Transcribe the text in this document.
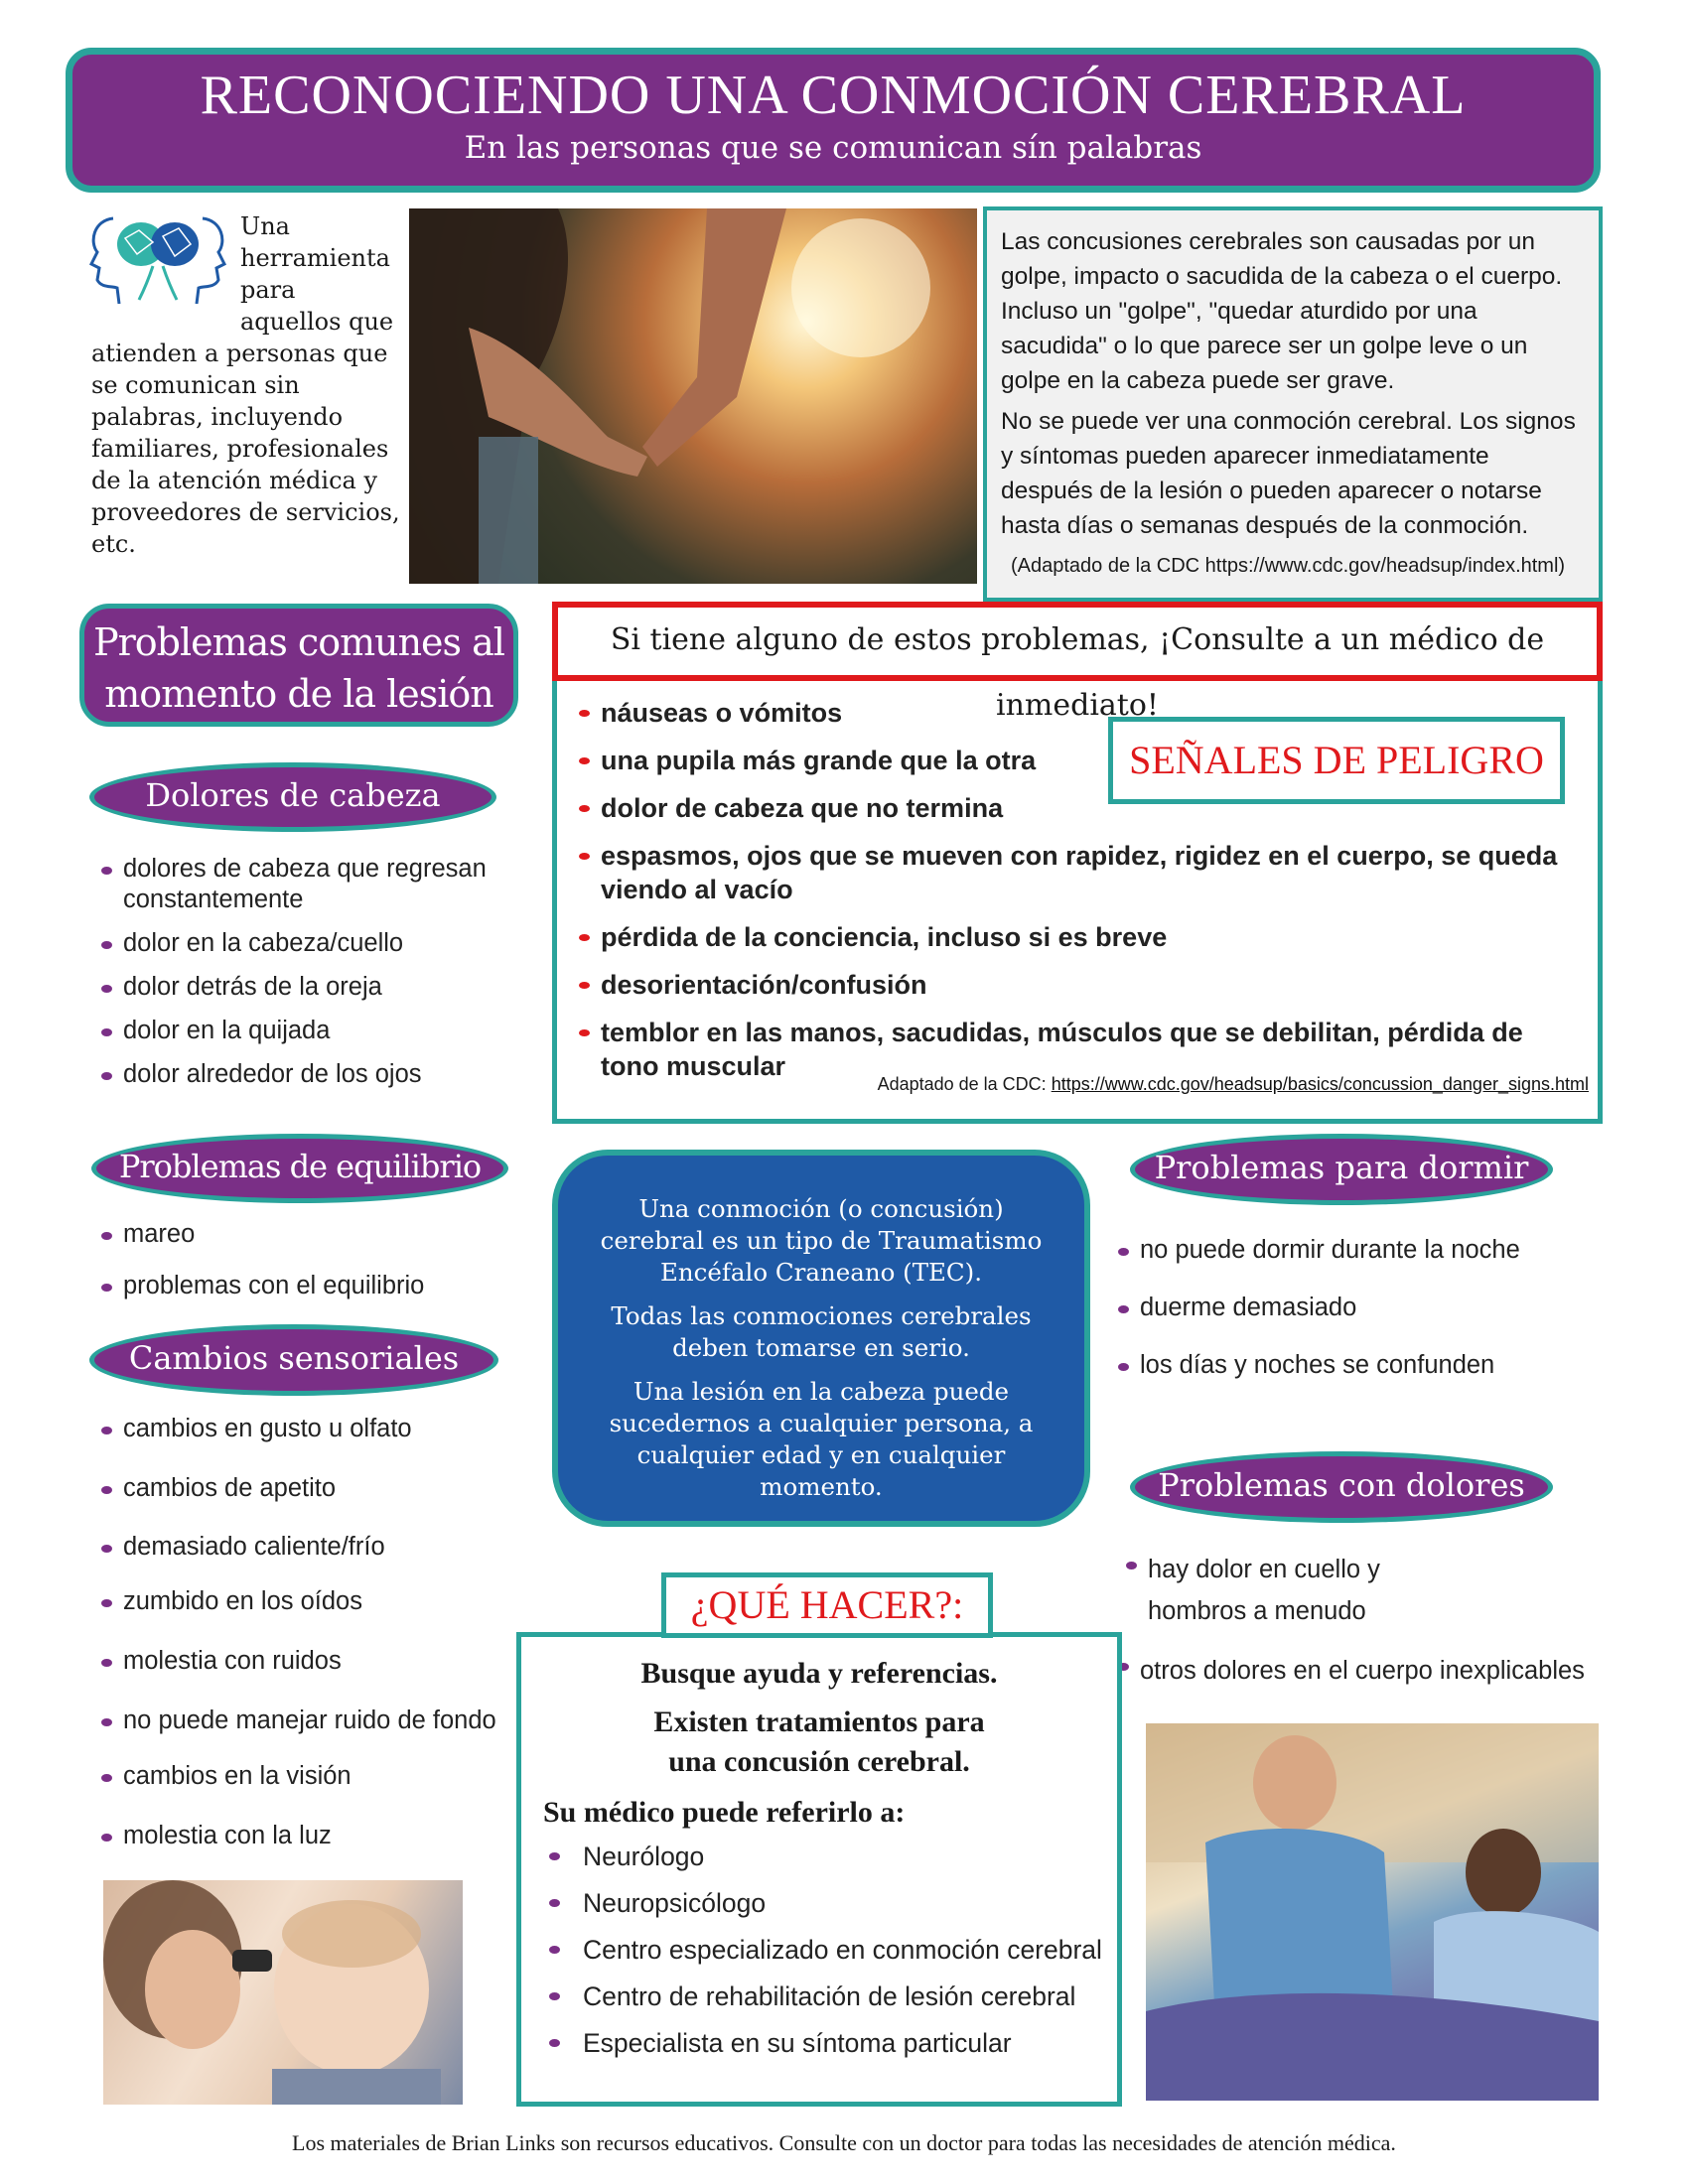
RECONOCIENDO UNA CONMOCIÓN CEREBRAL
En las personas que se comunican sín palabras
Una herramienta para aquellos que
atienden a personas que se comunican sin palabras, incluyendo familiares, profesionales de la atención médica y proveedores de servicios, etc.

Las concusiones cerebrales son causadas por un golpe, impacto o sacudida de la cabeza o el cuerpo. Incluso un "golpe", "quedar aturdido por una sacudida" o lo que parece ser un golpe leve o un golpe en la cabeza puede ser grave.

No se puede ver una conmoción cerebral. Los signos y síntomas pueden aparecer inmediatamente después de la lesión o pueden aparecer o notarse hasta días o semanas después de la conmoción.

(Adaptado de la CDC https://www.cdc.gov/headsup/index.html)
Problemas comunes al
momento de la lesión
Dolores de cabeza
dolores de cabeza que regresan constantemente
dolor en la cabeza/cuello
dolor detrás de la oreja
dolor en la quijada
dolor alrededor de los ojos
Problemas de equilibrio
mareo
problemas con el equilibrio
Cambios sensoriales
cambios en gusto u olfato
cambios de apetito
demasiado caliente/frío
zumbido en los oídos
molestia con ruidos
no puede manejar ruido de fondo
cambios en la visión
molestia con la luz
Si tiene alguno de estos problemas, ¡Consulte a un médico de inmediato!
náuseas o vómitos
una pupila más grande que la otra
dolor de cabeza que no termina
espasmos, ojos que se mueven con rapidez, rigidez en el cuerpo, se queda viendo al vacío
pérdida de la conciencia, incluso si es breve
desorientación/confusión
temblor en las manos, sacudidas, músculos que se debilitan, pérdida de tono muscular
SEÑALES DE PELIGRO
Adaptado de la CDC: https://www.cdc.gov/headsup/basics/concussion_danger_signs.html

Una conmoción (o concusión) cerebral es un tipo de Traumatismo Encéfalo Craneano (TEC).

Todas las conmociones cerebrales deben tomarse en serio.

Una lesión en la cabeza puede sucedernos a cualquier persona, a cualquier edad y en cualquier momento.

Problemas para dormir
no puede dormir durante la noche
duerme demasiado
los días y noches se confunden
Problemas con dolores
hay dolor en cuello y hombros a menudo
otros dolores en el cuerpo inexplicables
¿QUÉ HACER?:
Busque ayuda y referencias.
Existen tratamientos para
una concusión cerebral.
Su médico puede referirlo a:
Neurólogo
Neuropsicólogo
Centro especializado en conmoción cerebral
Centro de rehabilitación de lesión cerebral
Especialista en su síntoma particular
Los materiales de Brian Links son recursos educativos. Consulte con un doctor para todas las necesidades de atención médica.
